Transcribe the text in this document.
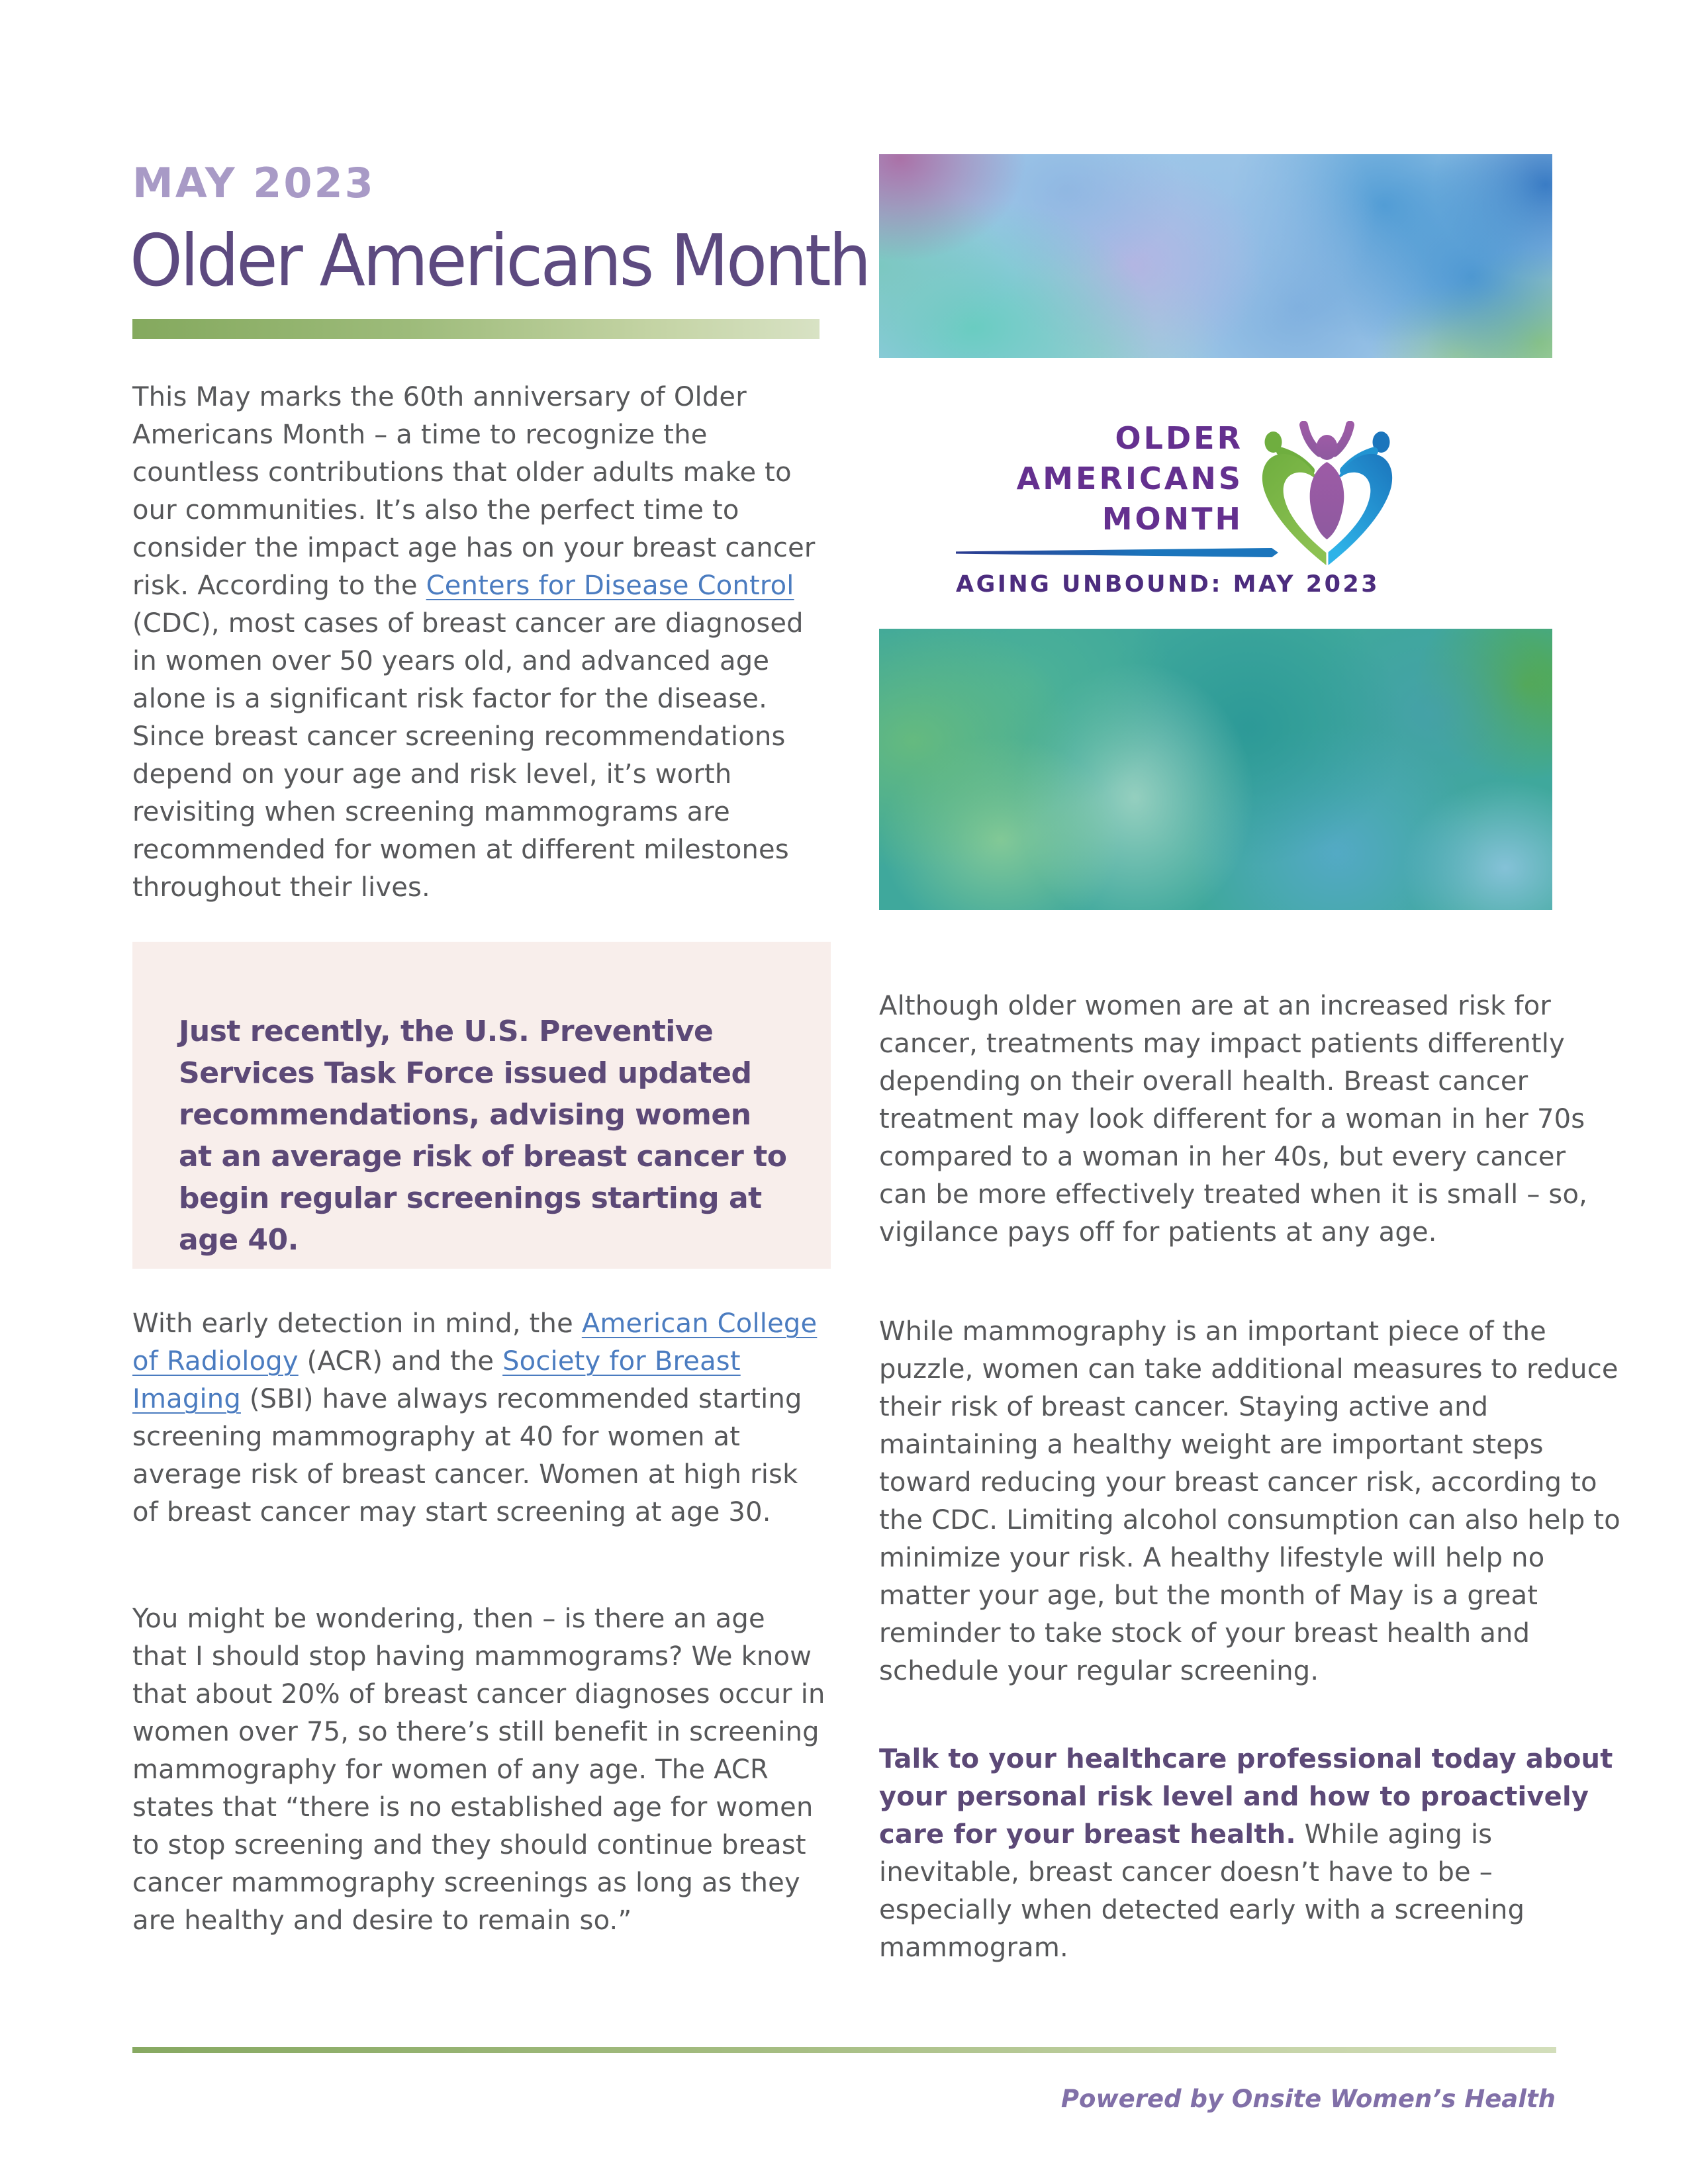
MAY 2023
Older Americans Month
This May marks the 60th anniversary of Older Americans Month – a time to recognize the countless contributions that older adults make to our communities. It’s also the perfect time to consider the impact age has on your breast cancer risk. According to the Centers for Disease Control (CDC), most cases of breast cancer are diagnosed in women over 50 years old, and advanced age alone is a significant risk factor for the disease. Since breast cancer screening recommendations depend on your age and risk level, it’s worth revisiting when screening mammograms are recommended for women at different milestones throughout their lives.
Just recently, the U.S. Preventive Services Task Force issued updated recommendations, advising women at an average risk of breast cancer to begin regular screenings starting at age 40.
With early detection in mind, the American College of Radiology (ACR) and the Society for Breast Imaging (SBI) have always recommended starting screening mammography at 40 for women at average risk of breast cancer. Women at high risk of breast cancer may start screening at age 30.
You might be wondering, then – is there an age that I should stop having mammograms? We know that about 20% of breast cancer diagnoses occur in women over 75, so there’s still benefit in screening mammography for women of any age. The ACR states that “there is no established age for women to stop screening and they should continue breast cancer mammography screenings as long as they are healthy and desire to remain so.”
OLDER
AMERICANS
MONTH
AGING UNBOUND: MAY 2023
Although older women are at an increased risk for cancer, treatments may impact patients differently depending on their overall health. Breast cancer treatment may look different for a woman in her 70s compared to a woman in her 40s, but every cancer can be more effectively treated when it is small – so, vigilance pays off for patients at any age.
While mammography is an important piece of the puzzle, women can take additional measures to reduce their risk of breast cancer. Staying active and maintaining a healthy weight are important steps toward reducing your breast cancer risk, according to the CDC. Limiting alcohol consumption can also help to minimize your risk. A healthy lifestyle will help no matter your age, but the month of May is a great reminder to take stock of your breast health and schedule your regular screening.
Talk to your healthcare professional today about your personal risk level and how to proactively care for your breast health. While aging is inevitable, breast cancer doesn’t have to be – especially when detected early with a screening mammogram.
Powered by Onsite Women’s Health
